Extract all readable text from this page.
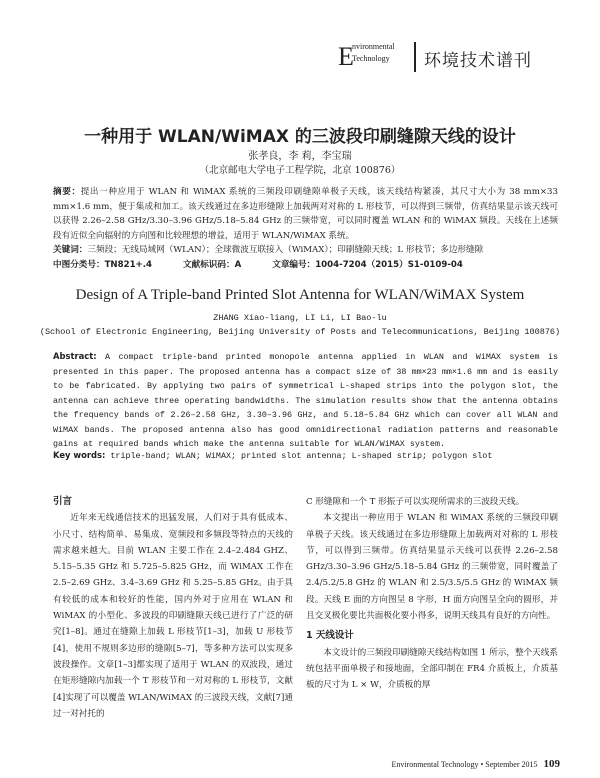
E
nvironmental
Technology 环境技术谱刊
一种用于 WLAN/WiMAX 的三波段印刷缝隙天线的设计
张孝良，李 莉，李宝瑞
（北京邮电大学电子工程学院，北京 100876）
摘要：提出一种应用于 WLAN 和 WiMAX 系统的三频段印刷缝隙单极子天线，该天线结构紧凑，其尺寸大小为 38 mm×33 mm×1.6 mm，便于集成和加工。该天线通过在多边形缝隙上加载两对对称的 L 形枝节，可以得到三频带，仿真结果显示该天线可以获得 2.26–2.58 GHz/3.30–3.96 GHz/5.18–5.84 GHz 的三频带宽，可以同时覆盖 WLAN 和的 WiMAX 频段。天线在上述频段有近似全向辐射的方向图和比较理想的增益，适用于 WLAN/WiMAX 系统。
关键词：三频段；无线局域网（WLAN）；全球微波互联接入（WiMAX）；印刷缝隙天线；L 形枝节；多边形缝隙
中图分类号：TN821+.4	文献标识码：A	文章编号：1004-7204（2015）S1-0109-04
Design of A Triple-band Printed Slot Antenna for WLAN/WiMAX System
ZHANG Xiao-liang, LI Li, LI Bao-lu
(School of Electronic Engineering, Beijing University of Posts and Telecommunications, Beijing 100876)
Abstract: A compact triple-band printed monopole antenna applied in WLAN and WiMAX system is presented in this paper. The proposed antenna has a compact size of 38 mm×23 mm×1.6 mm and is easily to be fabricated. By applying two pairs of symmetrical L-shaped strips into the polygon slot, the antenna can achieve three operating bandwidths. The simulation results show that the antenna obtains the frequency bands of 2.26–2.58 GHz, 3.30–3.96 GHz, and 5.18–5.84 GHz which can cover all WLAN and WiMAX bands. The proposed antenna also has good omnidirectional radiation patterns and reasonable gains at required bands which make the antenna suitable for WLAN/WiMAX system.
Key words: triple-band; WLAN; WiMAX; printed slot antenna; L-shaped strip; polygon slot
引言

近年来无线通信技术的迅猛发展，人们对于具有低成本、小尺寸、结构简单、易集成、宽频段和多频段等特点的天线的需求越来越大。目前 WLAN 主要工作在 2.4–2.484 GHZ、5.15–5.35 GHz 和 5.725–5.825 GHz，而 WiMAX 工作在 2.5–2.69 GHz、3.4–3.69 GHz 和 5.25–5.85 GHz。由于具有较低的成本和较好的性能，国内外对于应用在 WLAN 和 WiMAX 的小型化、多波段的印刷缝隙天线已进行了广泛的研究[1–8]。通过在缝隙上加载 L 形枝节[1–3]，加载 U 形枝节[4]，使用不规则多边形的缝隙[5–7]，等多种方法可以实现多波段操作。文章[1–3]都实现了适用于 WLAN 的双波段，通过在矩形缝隙内加载一个 T 形枝节和一对对称的 L 形枝节，文献[4]实现了可以覆盖 WLAN/WiMAX 的三波段天线，文献[7]通过一对衬托的

C 形缝隙和一个 T 形振子可以实现所需求的三波段天线。

本文提出一种应用于 WLAN 和 WiMAX 系统的三频段印刷单极子天线。该天线通过在多边形缝隙上加载两对对称的 L 形枝节，可以得到三频带。仿真结果显示天线可以获得 2.26–2.58 GHz/3.30–3.96 GHz/5.18–5.84 GHz 的三频带宽，同时覆盖了 2.4/5.2/5.8 GHz 的 WLAN 和 2.5/3.5/5.5 GHz 的 WiMAX 频段。天线 E 面的方向图呈 8 字形，H 面方向图呈全向的圆形，并且交叉极化要比共面极化要小得多，说明天线具有良好的方向性。

1 天线设计

本文设计的三频段印刷缝隙天线结构如图 1 所示，整个天线系统包括平面单极子和接地面，全部印制在 FR4 介质板上，介质基板的尺寸为 L × W，介质板的厚

Environmental Technology • September 2015 109
